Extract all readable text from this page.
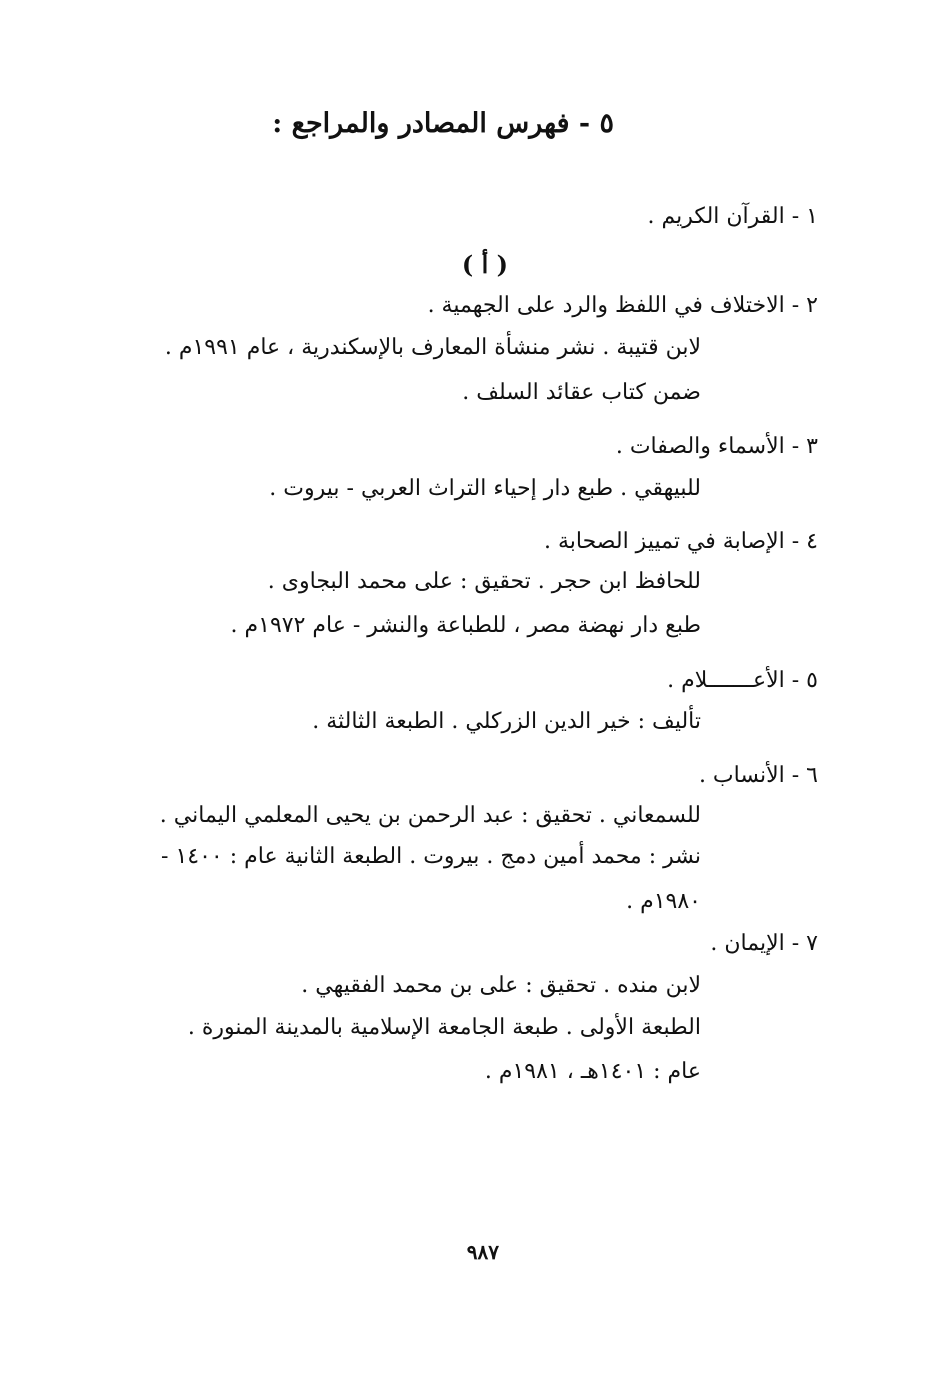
٥ - فهرس المصادر والمراجع :
١ - القرآن الكريم .
( أ )
٢ - الاختلاف في اللفظ والرد على الجهمية .
لابن قتيبة . نشر منشأة المعارف بالإسكندرية ، عام ١٩٩١م .
ضمن كتاب عقائد السلف .
٣ - الأسماء والصفات .
للبيهقي . طبع دار إحياء التراث العربي - بيروت .
٤ - الإصابة في تمييز الصحابة .
للحافظ ابن حجر . تحقيق : على محمد البجاوى .
طبع دار نهضة مصر ، للطباعة والنشر - عام ١٩٧٢م .
٥ - الأعـــــــلام .
تأليف : خير الدين الزركلي . الطبعة الثالثة .
٦ - الأنساب .
للسمعاني . تحقيق : عبد الرحمن بن يحيى المعلمي اليماني .
نشر : محمد أمين دمج . بيروت . الطبعة الثانية عام : ١٤٠٠ -
١٩٨٠م .
٧ - الإيمان .
لابن منده . تحقيق : على بن محمد الفقيهي .
الطبعة الأولى . طبعة الجامعة الإسلامية بالمدينة المنورة .
عام : ١٤٠١هـ ، ١٩٨١م .
٩٨٧
